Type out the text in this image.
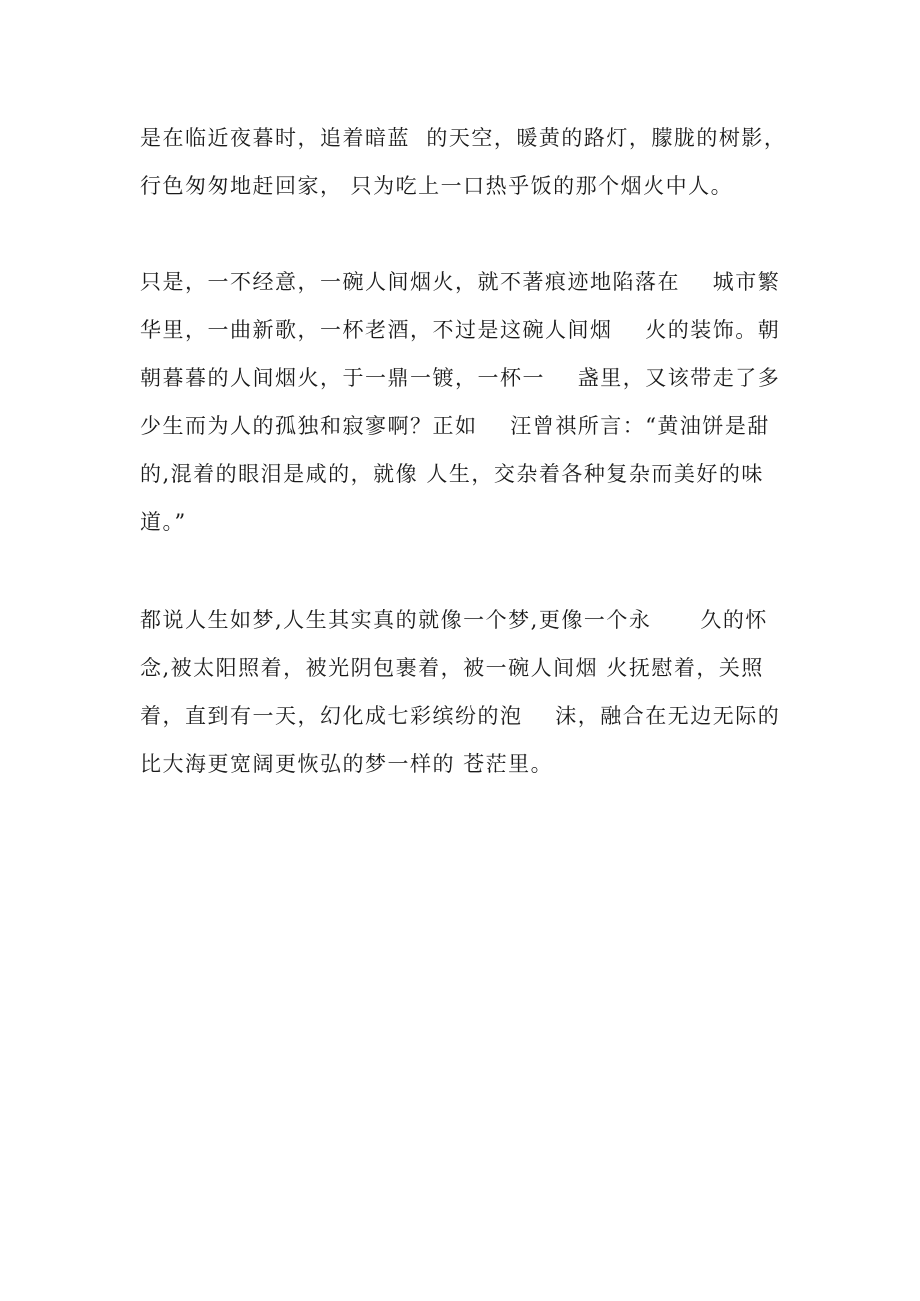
是在临近夜暮时，追着暗蓝  的天空，暖黄的路灯，朦胧的树影，
行色匆匆地赶回家， 只为吃上一口热乎饭的那个烟火中人。
只是，一不经意，一碗人间烟火，就不著痕迹地陷落在    城市繁
华里，一曲新歌，一杯老酒，不过是这碗人间烟    火的装饰。朝
朝暮暮的人间烟火，于一鼎一镀，一杯一    盏里，又该带走了多
少生而为人的孤独和寂寥啊？正如    汪曾祺所言：“黄油饼是甜
的,混着的眼泪是咸的，就像 人生，交杂着各种复杂而美好的味
道。”
都说人生如梦,人生其实真的就像一个梦,更像一个永      久的怀
念,被太阳照着，被光阴包裹着，被一碗人间烟 火抚慰着，关照
着，直到有一天，幻化成七彩缤纷的泡    沫，融合在无边无际的
比大海更宽阔更恢弘的梦一样的 苍茫里。
